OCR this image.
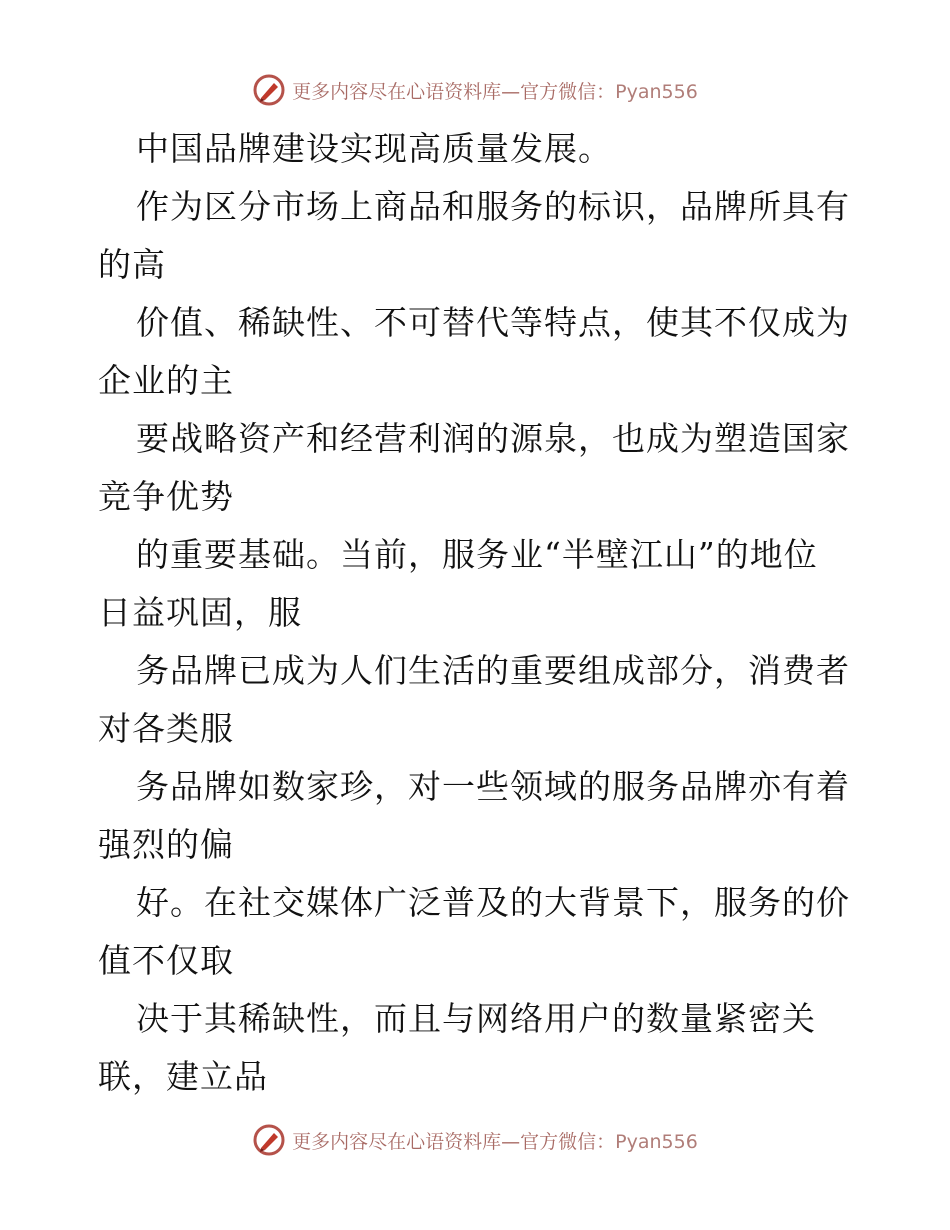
更多内容尽在心语资料库—官方微信：Pyan556
中国品牌建设实现高质量发展。
作为区分市场上商品和服务的标识，品牌所具有
的高
价值、稀缺性、不可替代等特点，使其不仅成为
企业的主
要战略资产和经营利润的源泉，也成为塑造国家
竞争优势
的重要基础。当前，服务业“半壁江山”的地位
日益巩固，服
务品牌已成为人们生活的重要组成部分，消费者
对各类服
务品牌如数家珍，对一些领域的服务品牌亦有着
强烈的偏
好。在社交媒体广泛普及的大背景下，服务的价
值不仅取
决于其稀缺性，而且与网络用户的数量紧密关
联，建立品
更多内容尽在心语资料库—官方微信：Pyan556
